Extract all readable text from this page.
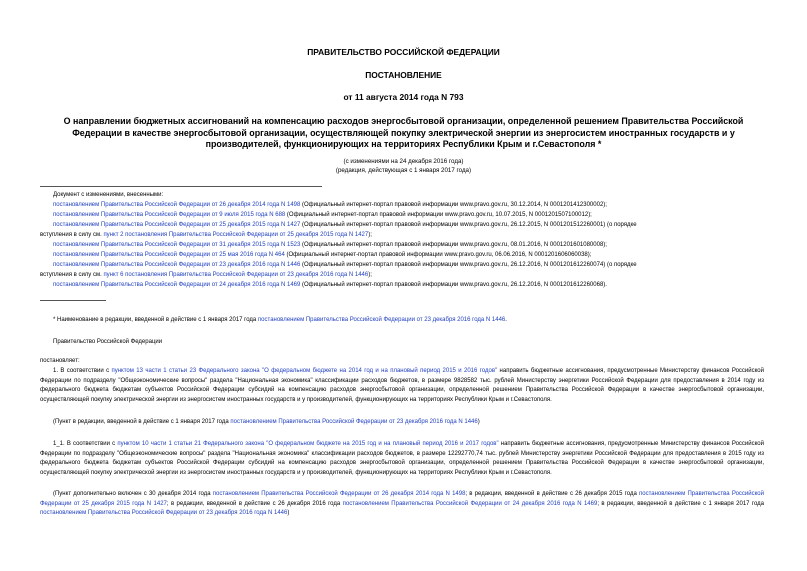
ПРАВИТЕЛЬСТВО РОССИЙСКОЙ ФЕДЕРАЦИИ
ПОСТАНОВЛЕНИЕ
от 11 августа 2014 года N 793
О направлении бюджетных ассигнований на компенсацию расходов энергосбытовой организации, определенной решением Правительства Российской
Федерации в качестве энергосбытовой организации, осуществляющей покупку электрической энергии из энергосистем иностранных государств и у
производителей, функционирующих на территориях Республики Крым и г.Севастополя *
(с изменениями на 24 декабря 2016 года)
(редакция, действующая с 1 января 2017 года)
Документ с изменениями, внесенными:
постановлением Правительства Российской Федерации от 26 декабря 2014 года N 1498 (Официальный интернет-портал правовой информации www.pravo.gov.ru, 30.12.2014, N 0001201412300002);
постановлением Правительства Российской Федерации от 9 июля 2015 года N 688 (Официальный интернет-портал правовой информации www.pravo.gov.ru, 10.07.2015, N 0001201507100012);
постановлением Правительства Российской Федерации от 25 декабря 2015 года N 1427 (Официальный интернет-портал правовой информации www.pravo.gov.ru, 26.12.2015, N 0001201512260001) (о порядке
вступления в силу см. пункт 2 постановления Правительства Российской Федерации от 25 декабря 2015 года N 1427);
постановлением Правительства Российской Федерации от 31 декабря 2015 года N 1523 (Официальный интернет-портал правовой информации www.pravo.gov.ru, 08.01.2016, N 0001201601080008);
постановлением Правительства Российской Федерации от 25 мая 2016 года N 464 (Официальный интернет-портал правовой информации www.pravo.gov.ru, 06.06.2016, N 0001201606060038);
постановлением Правительства Российской Федерации от 23 декабря 2016 года N 1446 (Официальный интернет-портал правовой информации www.pravo.gov.ru, 26.12.2016, N 0001201612260074) (о порядке
вступления в силу см. пункт 6 постановления Правительства Российской Федерации от 23 декабря 2016 года N 1446);
постановлением Правительства Российской Федерации от 24 декабря 2016 года N 1469 (Официальный интернет-портал правовой информации www.pravo.gov.ru, 26.12.2016, N 0001201612260068).
* Наименование в редакции, введенной в действие с 1 января 2017 года постановлением Правительства Российской Федерации от 23 декабря 2016 года N 1446.
Правительство Российской Федерации
постановляет:
1. В соответствии с пунктом 13 части 1 статьи 23 Федерального закона "О федеральном бюджете на 2014 год и на плановый период 2015 и 2016 годов" направить бюджетные ассигнования, предусмотренные Министерству финансов Российской Федерации по подразделу "Общеэкономические вопросы" раздела "Национальная экономика" классификации расходов бюджетов, в размере 9828582 тыс. рублей Министерству энергетики Российской Федерации для предоставления в 2014 году из федерального бюджета бюджетам субъектов Российской Федерации субсидий на компенсацию расходов энергосбытовой организации, определенной решением Правительства Российской Федерации в качестве энергосбытовой организации, осуществляющей покупку электрической энергии из энергосистем иностранных государств и у производителей, функционирующих на территориях Республики Крым и г.Севастополя.
(Пункт в редакции, введенной в действие с 1 января 2017 года постановлением Правительства Российской Федерации от 23 декабря 2016 года N 1446)
1_1. В соответствии с пунктом 10 части 1 статьи 21 Федерального закона "О федеральном бюджете на 2015 год и на плановый период 2016 и 2017 годов" направить бюджетные ассигнования, предусмотренные Министерству финансов Российской Федерации по подразделу "Общеэкономические вопросы" раздела "Национальная экономика" классификации расходов бюджетов, в размере 12292770,74 тыс. рублей Министерству энергетики Российской Федерации для предоставления в 2015 году из федерального бюджета бюджетам субъектов Российской Федерации субсидий на компенсацию расходов энергосбытовой организации, определенной решением Правительства Российской Федерации в качестве энергосбытовой организации, осуществляющей покупку электрической энергии из энергосистем иностранных государств и у производителей, функционирующих на территориях Республики Крым и г.Севастополя.
(Пункт дополнительно включен с 30 декабря 2014 года постановлением Правительства Российской Федерации от 26 декабря 2014 года N 1498; в редакции, введенной в действие с 26 декабря 2015 года постановлением Правительства Российской Федерации от 25 декабря 2015 года N 1427; в редакции, введенной в действие с 26 декабря 2016 года постановлением Правительства Российской Федерации от 24 декабря 2016 года N 1469; в редакции, введенной в действие с 1 января 2017 года постановлением Правительства Российской Федерации от 23 декабря 2016 года N 1446)
